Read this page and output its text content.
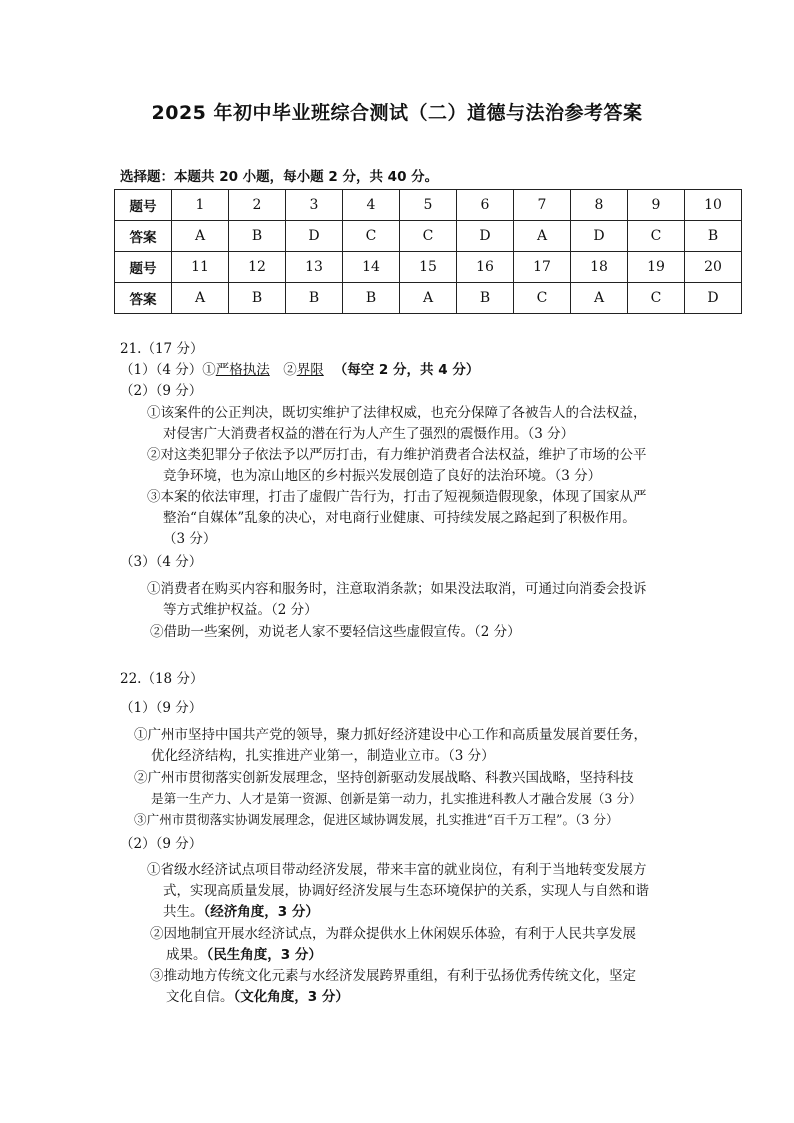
2025 年初中毕业班综合测试（二）道德与法治参考答案
选择题：本题共 20 小题，每小题 2 分，共 40 分。
题号	1	2	3	4	5	6	7	8	9	10
答案	A	B	D	C	C	D	A	D	C	B
题号	11	12	13	14	15	16	17	18	19	20
答案	A	B	B	B	A	B	C	A	C	D
21.（17 分）
（1）（4 分）①严格执法　②界限 （每空 2 分，共 4 分）
（2）（9 分）
①该案件的公正判决，既切实维护了法律权威，也充分保障了各被告人的合法权益，
对侵害广大消费者权益的潜在行为人产生了强烈的震慑作用。（3 分）
②对这类犯罪分子依法予以严厉打击，有力维护消费者合法权益，维护了市场的公平
竞争环境，也为凉山地区的乡村振兴发展创造了良好的法治环境。（3 分）
③本案的依法审理，打击了虚假广告行为，打击了短视频造假现象，体现了国家从严
整治“自媒体”乱象的决心，对电商行业健康、可持续发展之路起到了积极作用。
（3 分）
（3）（4 分）
①消费者在购买内容和服务时，注意取消条款；如果没法取消，可通过向消委会投诉
等方式维护权益。（2 分）
②借助一些案例，劝说老人家不要轻信这些虚假宣传。（2 分）
22.（18 分）
（1）（9 分）
①广州市坚持中国共产党的领导，聚力抓好经济建设中心工作和高质量发展首要任务，
优化经济结构，扎实推进产业第一，制造业立市。（3 分）
②广州市贯彻落实创新发展理念，坚持创新驱动发展战略、科教兴国战略，坚持科技
是第一生产力、人才是第一资源、创新是第一动力，扎实推进科教人才融合发展（3 分）
③广州市贯彻落实协调发展理念，促进区域协调发展，扎实推进“百千万工程”。（3 分）
（2）（9 分）
①省级水经济试点项目带动经济发展，带来丰富的就业岗位，有利于当地转变发展方
式，实现高质量发展，协调好经济发展与生态环境保护的关系，实现人与自然和谐
共生。（经济角度，3 分）
②因地制宜开展水经济试点，为群众提供水上休闲娱乐体验，有利于人民共享发展
成果。（民生角度，3 分）
③推动地方传统文化元素与水经济发展跨界重组，有利于弘扬优秀传统文化，坚定
文化自信。（文化角度，3 分）
